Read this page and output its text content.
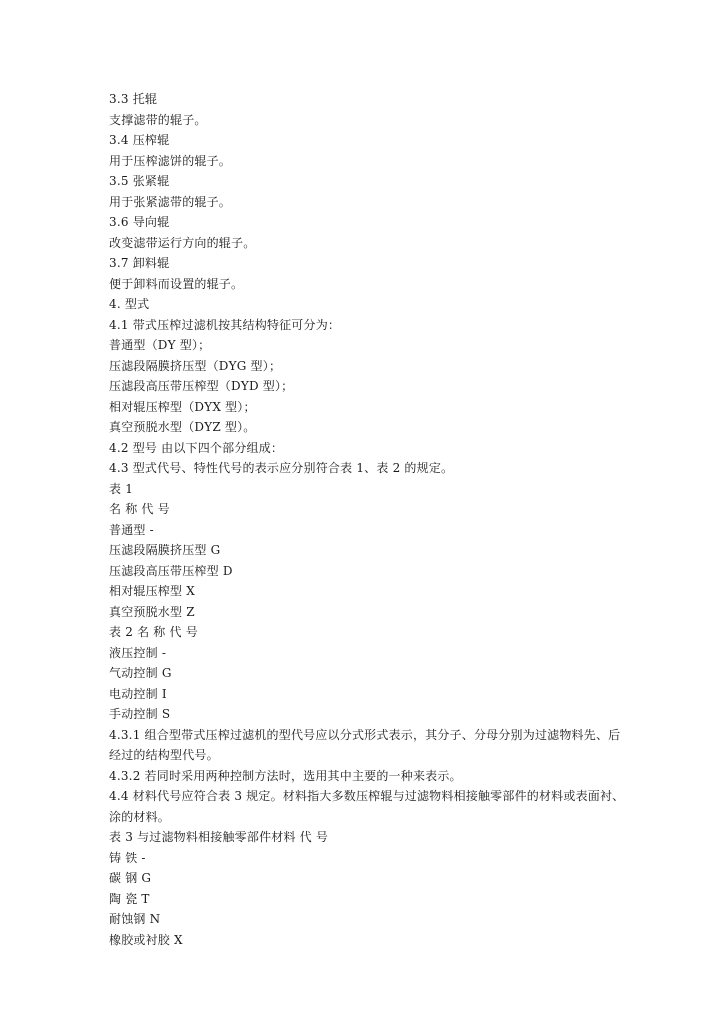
3.3 托辊
支撑滤带的辊子。
3.4 压榨辊
用于压榨滤饼的辊子。
3.5 张紧辊
用于张紧滤带的辊子。
3.6 导向辊
改变滤带运行方向的辊子。
3.7 卸料辊
便于卸料而设置的辊子。
4. 型式
4.1 带式压榨过滤机按其结构特征可分为：
普通型（DY 型）；
压滤段隔膜挤压型（DYG 型）；
压滤段高压带压榨型（DYD 型）；
相对辊压榨型（DYX 型）；
真空预脱水型（DYZ 型）。
4.2 型号 由以下四个部分组成：
4.3 型式代号、特性代号的表示应分别符合表 1、表 2 的规定。
表 1
名 称 代 号
普通型 -
压滤段隔膜挤压型 G
压滤段高压带压榨型 D
相对辊压榨型 X
真空预脱水型 Z
表 2 名 称 代 号
液压控制 -
气动控制 G
电动控制 I
手动控制 S
4.3.1 组合型带式压榨过滤机的型代号应以分式形式表示，其分子、分母分别为过滤物料先、后经过的结构型代号。
4.3.2 若同时采用两种控制方法时，选用其中主要的一种来表示。
4.4 材料代号应符合表 3 规定。材料指大多数压榨辊与过滤物料相接触零部件的材料或表面衬、涂的材料。
表 3 与过滤物料相接触零部件材料 代 号
铸 铁 -
碳 钢 G
陶 瓷 T
耐蚀钢 N
橡胶或衬胶 X
